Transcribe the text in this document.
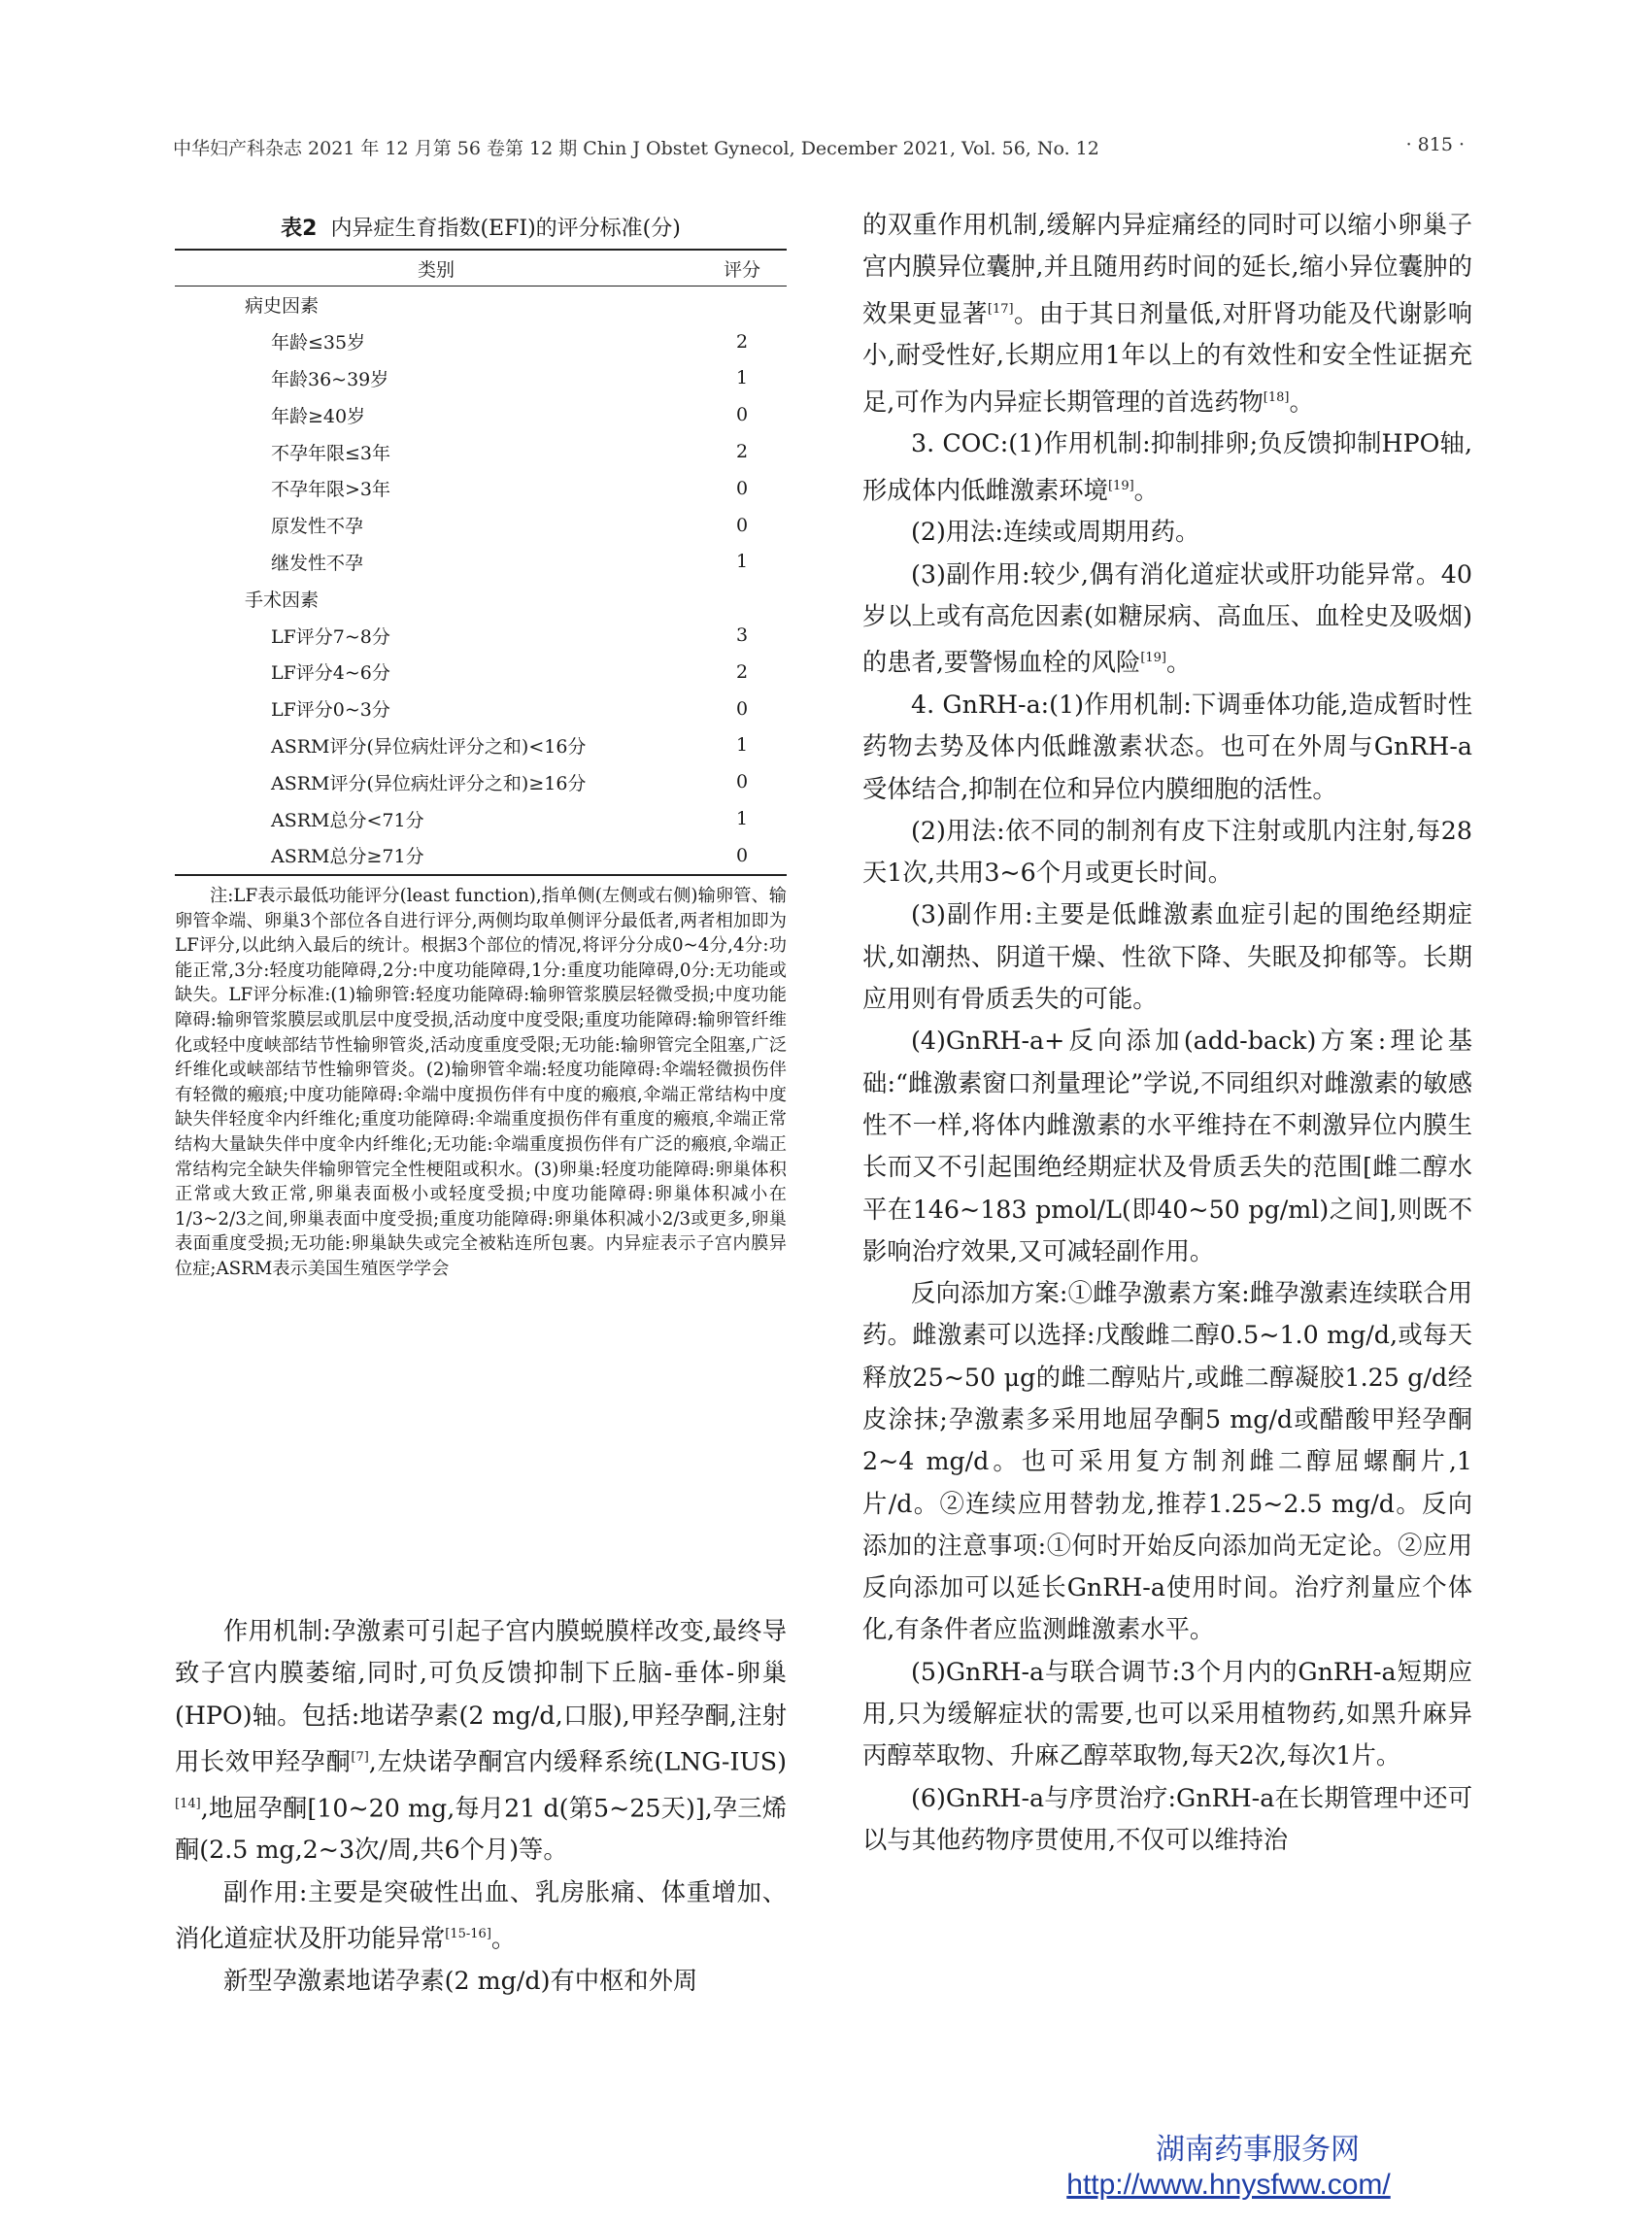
中华妇产科杂志 2021 年 12 月第 56 卷第 12 期 Chin J Obstet Gynecol, December 2021, Vol. 56, No. 12	· 815 ·
表2 内异症生育指数(EFI)的评分标准(分)
类别	评分
病史因素	
年龄≤35岁	2
年龄36~39岁	1
年龄≥40岁	0
不孕年限≤3年	2
不孕年限>3年	0
原发性不孕	0
继发性不孕	1
手术因素	
LF评分7~8分	3
LF评分4~6分	2
LF评分0~3分	0
ASRM评分(异位病灶评分之和)<16分	1
ASRM评分(异位病灶评分之和)≥16分	0
ASRM总分<71分	1
ASRM总分≥71分	0
注:LF表示最低功能评分(least function),指单侧(左侧或右侧)输卵管、输卵管伞端、卵巢3个部位各自进行评分,两侧均取单侧评分最低者,两者相加即为LF评分,以此纳入最后的统计。根据3个部位的情况,将评分分成0~4分,4分:功能正常,3分:轻度功能障碍,2分:中度功能障碍,1分:重度功能障碍,0分:无功能或缺失。LF评分标准:(1)输卵管:轻度功能障碍:输卵管浆膜层轻微受损;中度功能障碍:输卵管浆膜层或肌层中度受损,活动度中度受限;重度功能障碍:输卵管纤维化或轻中度峡部结节性输卵管炎,活动度重度受限;无功能:输卵管完全阻塞,广泛纤维化或峡部结节性输卵管炎。(2)输卵管伞端:轻度功能障碍:伞端轻微损伤伴有轻微的瘢痕;中度功能障碍:伞端中度损伤伴有中度的瘢痕,伞端正常结构中度缺失伴轻度伞内纤维化;重度功能障碍:伞端重度损伤伴有重度的瘢痕,伞端正常结构大量缺失伴中度伞内纤维化;无功能:伞端重度损伤伴有广泛的瘢痕,伞端正常结构完全缺失伴输卵管完全性梗阻或积水。(3)卵巢:轻度功能障碍:卵巢体积正常或大致正常,卵巢表面极小或轻度受损;中度功能障碍:卵巢体积减小在1/3~2/3之间,卵巢表面中度受损;重度功能障碍:卵巢体积减小2/3或更多,卵巢表面重度受损;无功能:卵巢缺失或完全被粘连所包裹。内异症表示子宫内膜异位症;ASRM表示美国生殖医学学会

作用机制:孕激素可引起子宫内膜蜕膜样改变,最终导致子宫内膜萎缩,同时,可负反馈抑制下丘脑-垂体-卵巢(HPO)轴。包括:地诺孕素(2 mg/d,口服),甲羟孕酮,注射用长效甲羟孕酮[7],左炔诺孕酮宫内缓释系统(LNG-IUS)[14],地屈孕酮[10~20 mg,每月21 d(第5~25天)],孕三烯酮(2.5 mg,2~3次/周,共6个月)等。

副作用:主要是突破性出血、乳房胀痛、体重增加、消化道症状及肝功能异常[15-16]。

新型孕激素地诺孕素(2 mg/d)有中枢和外周

的双重作用机制,缓解内异症痛经的同时可以缩小卵巢子宫内膜异位囊肿,并且随用药时间的延长,缩小异位囊肿的效果更显著[17]。由于其日剂量低,对肝肾功能及代谢影响小,耐受性好,长期应用1年以上的有效性和安全性证据充足,可作为内异症长期管理的首选药物[18]。

3. COC:(1)作用机制:抑制排卵;负反馈抑制HPO轴,形成体内低雌激素环境[19]。

(2)用法:连续或周期用药。

(3)副作用:较少,偶有消化道症状或肝功能异常。40岁以上或有高危因素(如糖尿病、高血压、血栓史及吸烟)的患者,要警惕血栓的风险[19]。

4. GnRH-a:(1)作用机制:下调垂体功能,造成暂时性药物去势及体内低雌激素状态。也可在外周与GnRH-a受体结合,抑制在位和异位内膜细胞的活性。

(2)用法:依不同的制剂有皮下注射或肌内注射,每28天1次,共用3~6个月或更长时间。

(3)副作用:主要是低雌激素血症引起的围绝经期症状,如潮热、阴道干燥、性欲下降、失眠及抑郁等。长期应用则有骨质丢失的可能。

(4)GnRH-a+反向添加(add-back)方案:理论基础:“雌激素窗口剂量理论”学说,不同组织对雌激素的敏感性不一样,将体内雌激素的水平维持在不刺激异位内膜生长而又不引起围绝经期症状及骨质丢失的范围[雌二醇水平在146~183 pmol/L(即40~50 pg/ml)之间],则既不影响治疗效果,又可减轻副作用。

反向添加方案:①雌孕激素方案:雌孕激素连续联合用药。雌激素可以选择:戊酸雌二醇0.5~1.0 mg/d,或每天释放25~50 μg的雌二醇贴片,或雌二醇凝胶1.25 g/d经皮涂抹;孕激素多采用地屈孕酮5 mg/d或醋酸甲羟孕酮2~4 mg/d。也可采用复方制剂雌二醇屈螺酮片,1片/d。②连续应用替勃龙,推荐1.25~2.5 mg/d。反向添加的注意事项:①何时开始反向添加尚无定论。②应用反向添加可以延长GnRH-a使用时间。治疗剂量应个体化,有条件者应监测雌激素水平。

(5)GnRH-a与联合调节:3个月内的GnRH-a短期应用,只为缓解症状的需要,也可以采用植物药,如黑升麻异丙醇萃取物、升麻乙醇萃取物,每天2次,每次1片。

(6)GnRH-a与序贯治疗:GnRH-a在长期管理中还可以与其他药物序贯使用,不仅可以维持治

湖南药事服务网
http://www.hnysfww.com/
